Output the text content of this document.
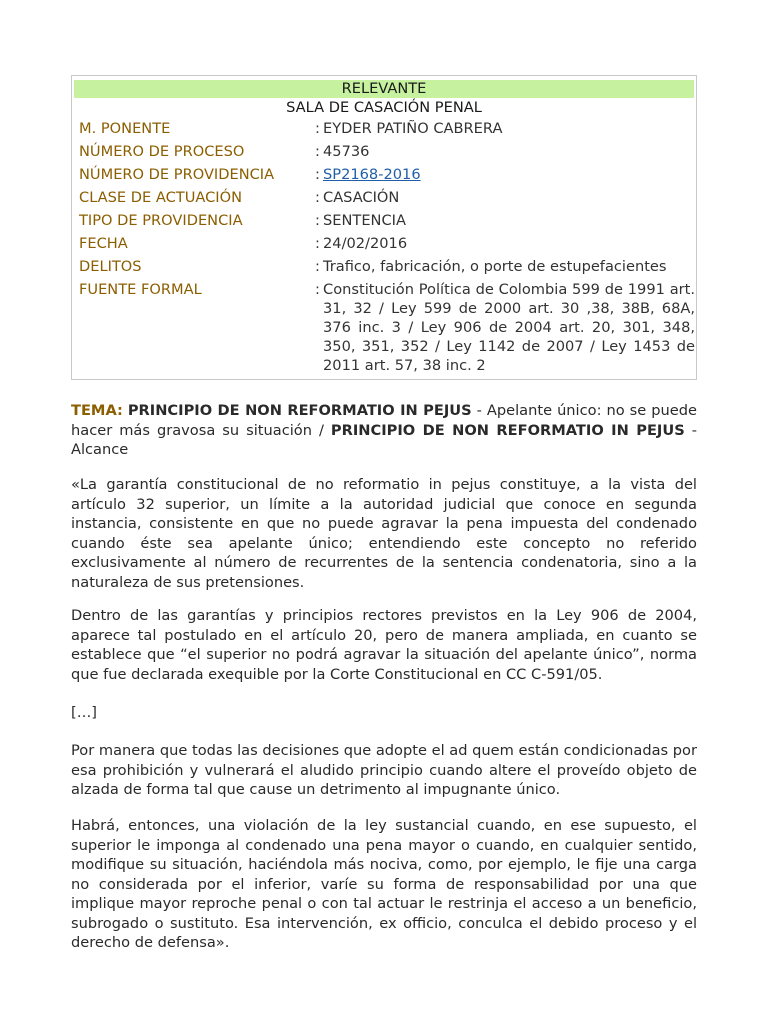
RELEVANTE
SALA DE CASACIÓN PENAL
M. PONENTE	: EYDER PATIÑO CABRERA
NÚMERO DE PROCESO	: 45736
NÚMERO DE PROVIDENCIA	: SP2168-2016
CLASE DE ACTUACIÓN	: CASACIÓN
TIPO DE PROVIDENCIA	: SENTENCIA
FECHA	: 24/02/2016
DELITOS	: Trafico, fabricación, o porte de estupefacientes
FUENTE FORMAL	: Constitución Política de Colombia 599 de 1991 art. 31, 32 / Ley 599 de 2000 art. 30 ,38, 38B, 68A, 376 inc. 3 / Ley 906 de 2004 art. 20, 301, 348, 350, 351, 352 / Ley 1142 de 2007 / Ley 1453 de 2011 art. 57, 38 inc. 2
TEMA: PRINCIPIO DE NON REFORMATIO IN PEJUS - Apelante único: no se puede hacer más gravosa su situación / PRINCIPIO DE NON REFORMATIO IN PEJUS - Alcance
«La garantía constitucional de no reformatio in pejus constituye, a la vista del artículo 32 superior, un límite a la autoridad judicial que conoce en segunda instancia, consistente en que no puede agravar la pena impuesta del condenado cuando éste sea apelante único; entendiendo este concepto no referido exclusivamente al número de recurrentes de la sentencia condenatoria, sino a la naturaleza de sus pretensiones.
Dentro de las garantías y principios rectores previstos en la Ley 906 de 2004, aparece tal postulado en el artículo 20, pero de manera ampliada, en cuanto se establece que “el superior no podrá agravar la situación del apelante único”, norma que fue declarada exequible por la Corte Constitucional en CC C-591/05.
[…]
Por manera que todas las decisiones que adopte el ad quem están condicionadas por esa prohibición y vulnerará el aludido principio cuando altere el proveído objeto de alzada de forma tal que cause un detrimento al impugnante único.
Habrá, entonces, una violación de la ley sustancial cuando, en ese supuesto, el superior le imponga al condenado una pena mayor o cuando, en cualquier sentido, modifique su situación, haciéndola más nociva, como, por ejemplo, le fije una carga no considerada por el inferior, varíe su forma de responsabilidad por una que implique mayor reproche penal o con tal actuar le restrinja el acceso a un beneficio, subrogado o sustituto. Esa intervención, ex officio, conculca el debido proceso y el derecho de defensa».
